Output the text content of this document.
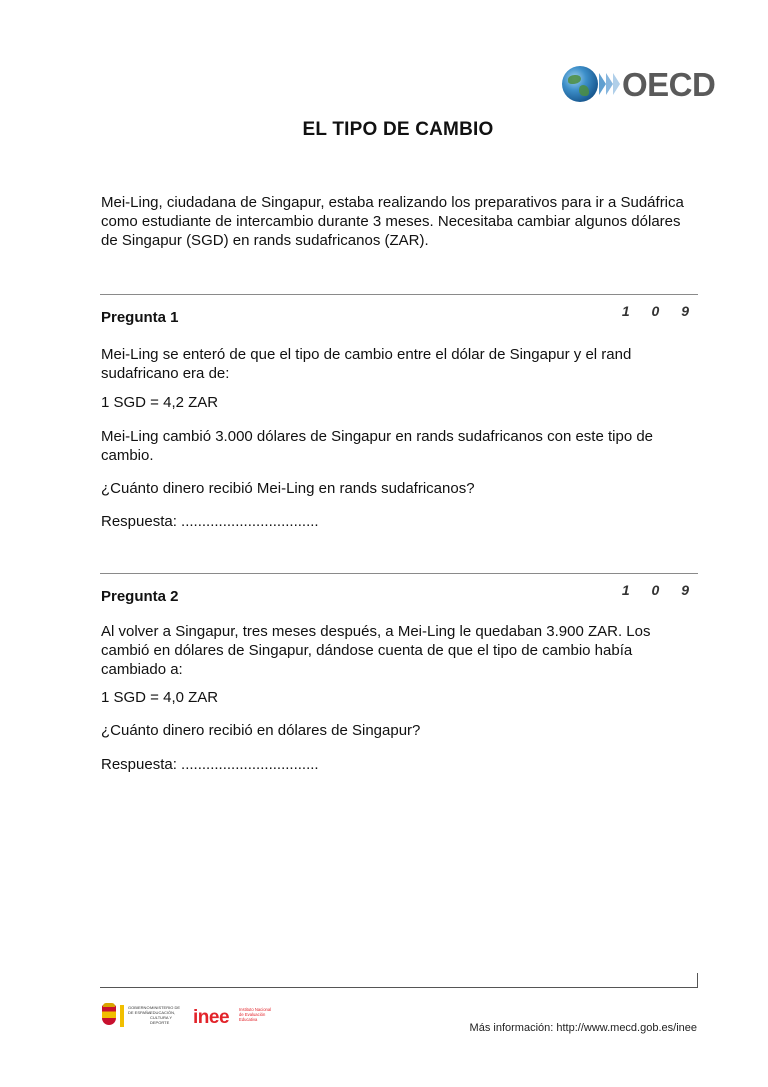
OECD
EL TIPO DE CAMBIO

Mei-Ling, ciudadana de Singapur, estaba realizando los preparativos para ir a Sudáfrica como estudiante de intercambio durante 3 meses. Necesitaba cambiar algunos dólares de Singapur (SGD) en rands sudafricanos (ZAR).

1 0 9
Pregunta 1

Mei-Ling se enteró de que el tipo de cambio entre el dólar de Singapur y el rand sudafricano era de:

1 SGD = 4,2 ZAR

Mei-Ling cambió 3.000 dólares de Singapur en rands sudafricanos con este tipo de cambio.

¿Cuánto dinero recibió Mei-Ling en rands sudafricanos?

Respuesta: .................................

1 0 9
Pregunta 2

Al volver a Singapur, tres meses después, a Mei-Ling le quedaban 3.900 ZAR. Los cambió en dólares de Singapur, dándose cuenta de que el tipo de cambio había cambiado a:

1 SGD = 4,0 ZAR

¿Cuánto dinero recibió en dólares de Singapur?

Respuesta: .................................

GOBIERNO DE ESPAÑA
MINISTERIO DE EDUCACIÓN, CULTURA Y DEPORTE	inee Instituto Nacional de Evaluación Educativa
Más información: http://www.mecd.gob.es/inee
